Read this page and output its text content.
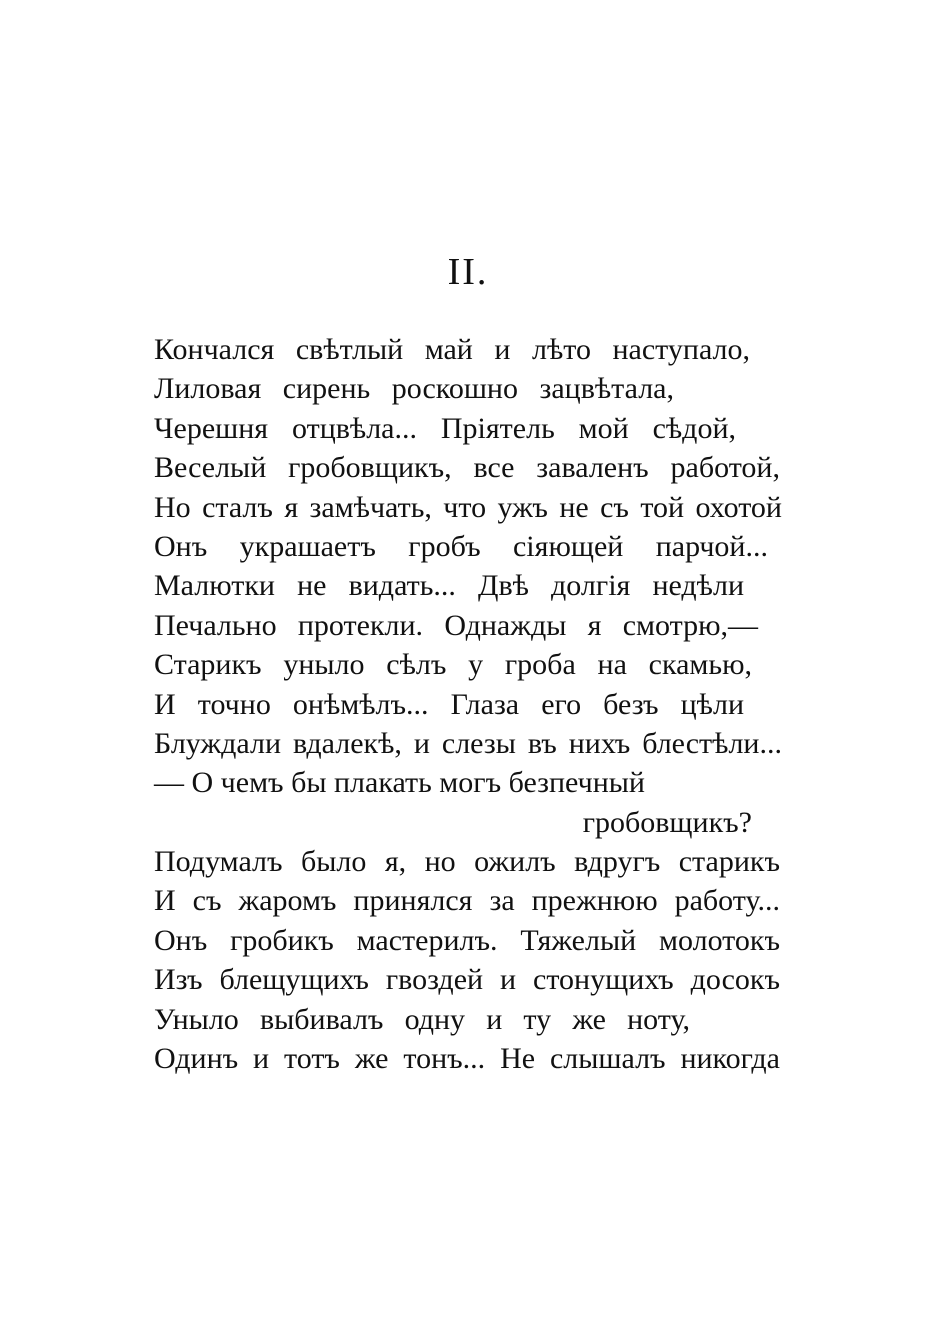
II.
Кончался свѣтлый май и лѣто наступало,
Лиловая сирень роскошно зацвѣтала,
Черешня отцвѣла... Пріятель мой сѣдой,
Веселый гробовщикъ, все заваленъ работой,
Но сталъ я замѣчать, что ужъ не съ той охотой
Онъ украшаетъ гробъ сіяющей парчой...
Малютки не видать... Двѣ долгія недѣли
Печально протекли. Однажды я смотрю,—
Старикъ уныло сѣлъ у гроба на скамью,
И точно онѣмѣлъ... Глаза его безъ цѣли
Блуждали вдалекѣ, и слезы въ нихъ блестѣли...
— О чемъ бы плакать могъ безпечный
гробовщикъ?
Подумалъ было я, но ожилъ вдругъ старикъ
И съ жаромъ принялся за прежнюю работу...
Онъ гробикъ мастерилъ. Тяжелый молотокъ
Изъ блещущихъ гвоздей и стонущихъ досокъ
Уныло выбивалъ одну и ту же ноту,
Одинъ и тотъ же тонъ... Не слышалъ никогда
